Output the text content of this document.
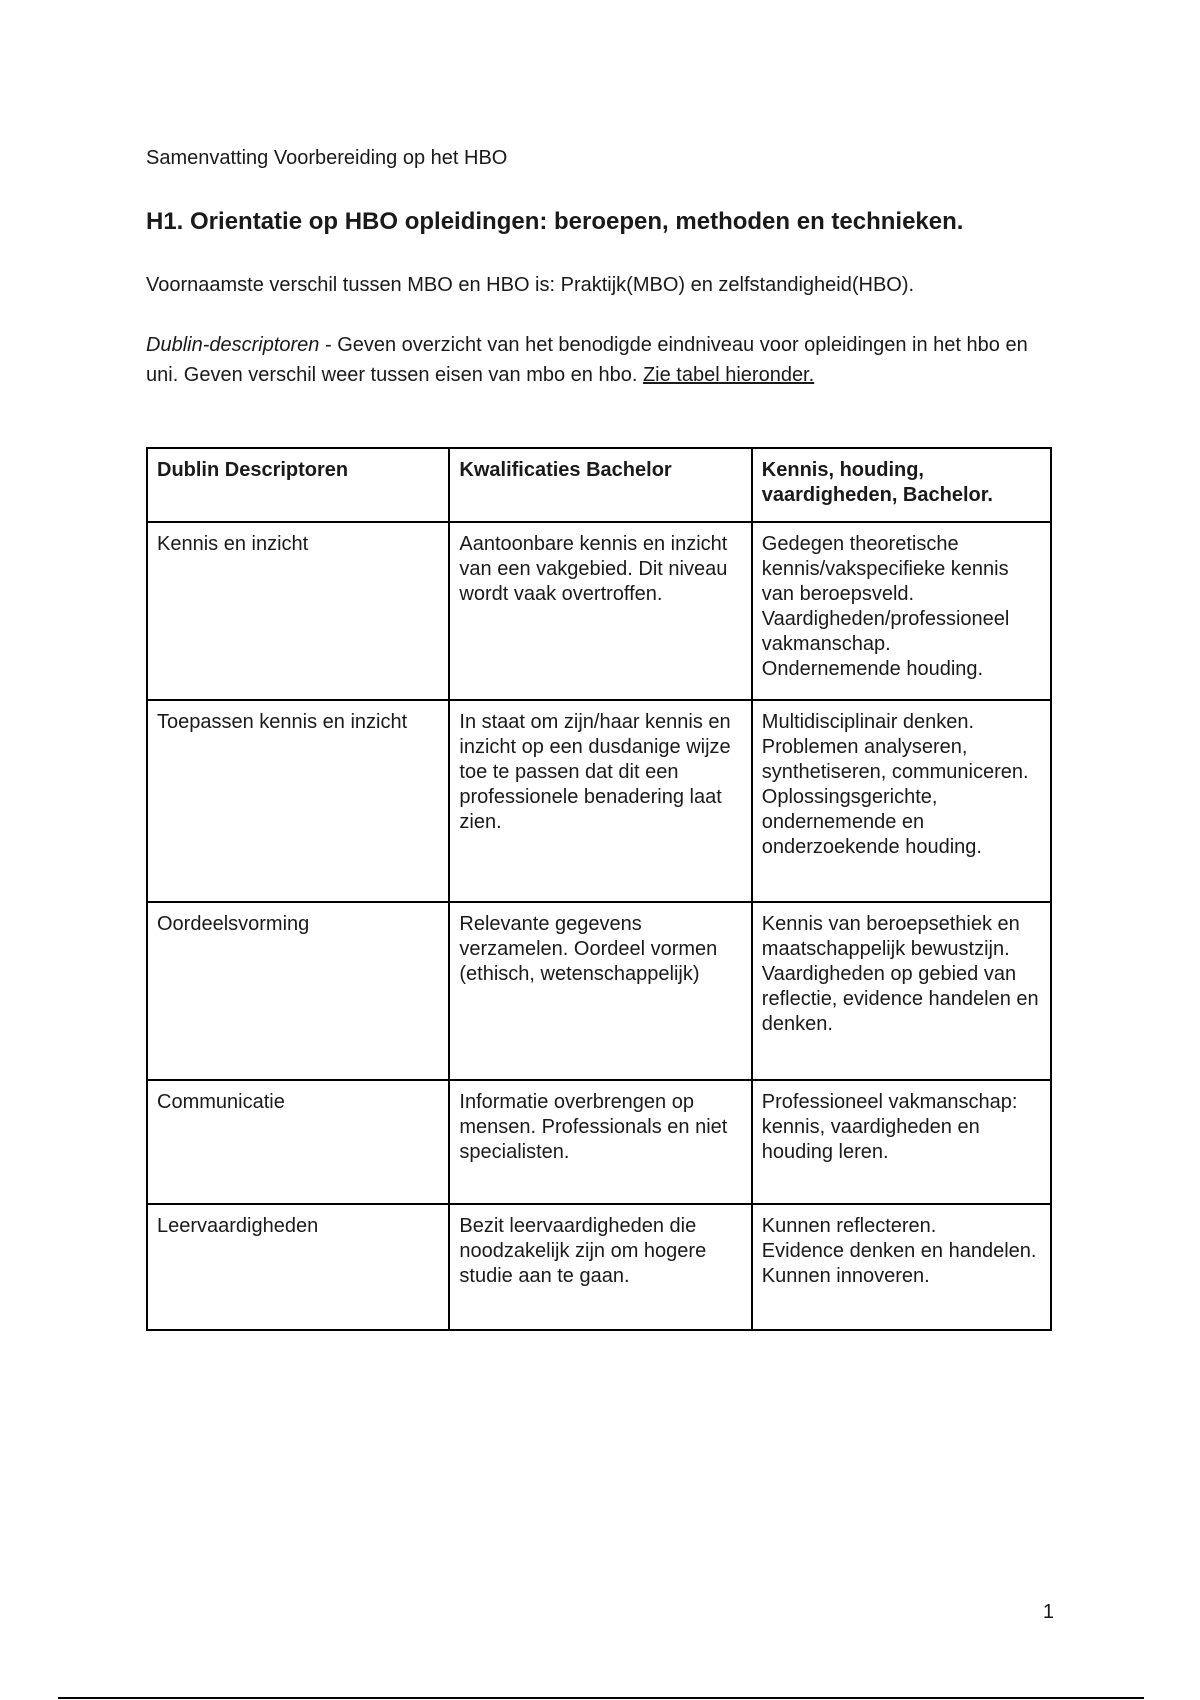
Samenvatting Voorbereiding op het HBO
H1. Orientatie op HBO opleidingen: beroepen, methoden en technieken.

Voornaamste verschil tussen MBO en HBO is: Praktijk(MBO) en zelfstandigheid(HBO).

Dublin-descriptoren - Geven overzicht van het benodigde eindniveau voor opleidingen in het hbo en uni. Geven verschil weer tussen eisen van mbo en hbo. Zie tabel hieronder.

Dublin Descriptoren	Kwalificaties Bachelor	Kennis, houding, vaardigheden, Bachelor.
Kennis en inzicht	Aantoonbare kennis en inzicht van een vakgebied. Dit niveau wordt vaak overtroffen.	Gedegen theoretische kennis/vakspecifieke kennis van beroepsveld.
Vaardigheden/professioneel vakmanschap.
Ondernemende houding.

Toepassen kennis en inzicht	In staat om zijn/haar kennis en inzicht op een dusdanige wijze toe te passen dat dit een professionele benadering laat zien.	Multidisciplinair denken.
Problemen analyseren, synthetiseren, communiceren.
Oplossingsgerichte, ondernemende en onderzoekende houding.

Oordeelsvorming	Relevante gegevens verzamelen. Oordeel vormen (ethisch, wetenschappelijk)	Kennis van beroepsethiek en maatschappelijk bewustzijn.
Vaardigheden op gebied van reflectie, evidence handelen en denken.

Communicatie	Informatie overbrengen op mensen. Professionals en niet specialisten.	Professioneel vakmanschap: kennis, vaardigheden en houding leren.

Leervaardigheden	Bezit leervaardigheden die noodzakelijk zijn om hogere studie aan te gaan.	Kunnen reflecteren.
Evidence denken en handelen.
Kunnen innoveren.
1
